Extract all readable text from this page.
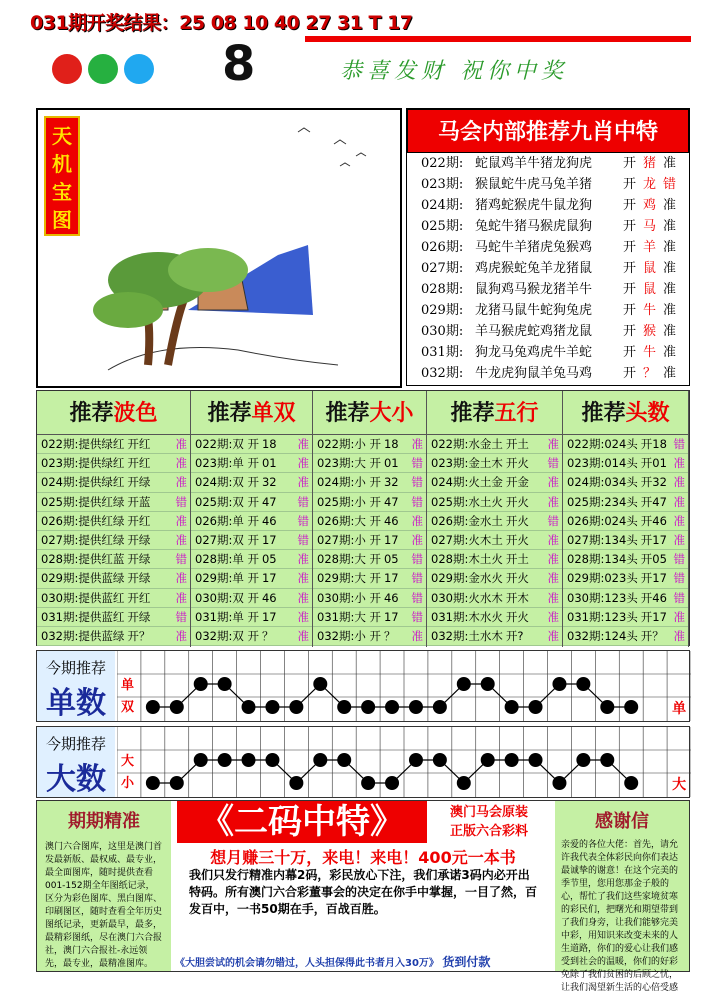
031期开奖结果：25 08 10 40 27 31 T 17
8	恭喜发财 祝你中奖
天
机
宝
图
马会内部推荐九肖中特
022期: 蛇鼠鸡羊牛猪龙狗虎	开 猪 准
023期: 猴鼠蛇牛虎马兔羊猪	开 龙 错
024期: 猪鸡蛇猴虎牛鼠龙狗	开 鸡 准
025期: 兔蛇牛猪马猴虎鼠狗	开 马 准
026期: 马蛇牛羊猪虎兔猴鸡	开 羊 准
027期: 鸡虎猴蛇兔羊龙猪鼠	开 鼠 准
028期: 鼠狗鸡马猴龙猪羊牛	开 鼠 准
029期: 龙猪马鼠牛蛇狗兔虎	开 牛 准
030期: 羊马猴虎蛇鸡猪龙鼠	开 猴 准
031期: 狗龙马兔鸡虎牛羊蛇	开 牛 准
032期: 牛龙虎狗鼠羊兔马鸡	开 ？ 准
推荐波色
022期: 提供绿红 开红 准
023期: 提供绿红 开红 准
024期: 提供绿红 开绿 准
025期: 提供红绿 开蓝 错
026期: 提供红绿 开红 准
027期: 提供红绿 开绿 准
028期: 提供红蓝 开绿 错
029期: 提供蓝绿 开绿 准
030期: 提供蓝红 开红 准
031期: 提供蓝红 开绿 错
032期: 提供蓝绿 开？ 准
推荐单双
022期: 双 开 18 准
023期: 单 开 01 准
024期: 双 开 32 准
025期: 双 开 47 错
026期: 单 开 46 错
027期: 双 开 17 错
028期: 单 开 05 准
029期: 单 开 17 准
030期: 双 开 46 准
031期: 单 开 17 准
032期: 双 开 ？ 准
推荐大小
022期: 小 开 18 准
023期: 大 开 01 错
024期: 小 开 32 错
025期: 小 开 47 错
026期: 大 开 46 准
027期: 小 开 17 准
028期: 大 开 05 错
029期: 大 开 17 错
030期: 小 开 46 错
031期: 大 开 17 错
032期: 小 开 ？ 准
推荐五行
022期: 水金土 开土 准
023期: 金土木 开火 错
024期: 火土金 开金 准
025期: 水土火 开火 准
026期: 金水土 开火 错
027期: 火木土 开火 准
028期: 木土火 开土 准
029期: 金水火 开火 准
030期: 火水木 开木 准
031期: 木水火 开火 准
032期: 土水木 开? 准
推荐头数
022期: 024头 开18 错
023期: 014头 开01 准
024期: 034头 开32 准
025期: 234头 开47 准
026期: 024头 开46 准
027期: 134头 开17 准
028期: 134头 开05 错
029期: 023头 开17 错
030期: 123头 开46 错
031期: 123头 开17 准
032期: 124头 开？ 准
今期推荐
单数
单
双	单
今期推荐
大数
大
小	大
期期精准
澳门六合图库，这里是澳门首发最新版、最权威、最专业，最全面图库，随时提供查看001-152期全年图纸记录，区分为彩色图库、黑白图库、印刷图区，随时查看全年历史图纸记录，更新最早，最多，最精彩图纸，尽在澳门六合报社，澳门六合报社-永远领先，最专业，最精准图库。
《二码中特》	澳门马会原装
正版六合彩料
想月赚三十万，来电！来电！400元一本书
我们只发行精准内幕2码，彩民放心下注，我们承诺3码内必开出特码。所有澳门六合彩董事会的决定在你手中掌握，一目了然，百发百中，一书50期在手，百战百胜。
《大胆尝试的机会请勿错过，人头担保得此书者月入30万》 货到付款
感谢信
亲爱的各位大佬：首先，请允许我代表全体彩民向你们表达最诚挚的谢意！在这个完美的季节里，您用您那金子般的心，帮忙了我们这些家境贫寒的彩民们，把曙光和期望带到了我们身旁，让我们能够完美中彩，用知识来改变未来的人生道路，你们的爱心让我们感受到社会的温暖，你们的好彩免除了我们贫困的后顾之忧，让我们渴望新生活的心倍受感
